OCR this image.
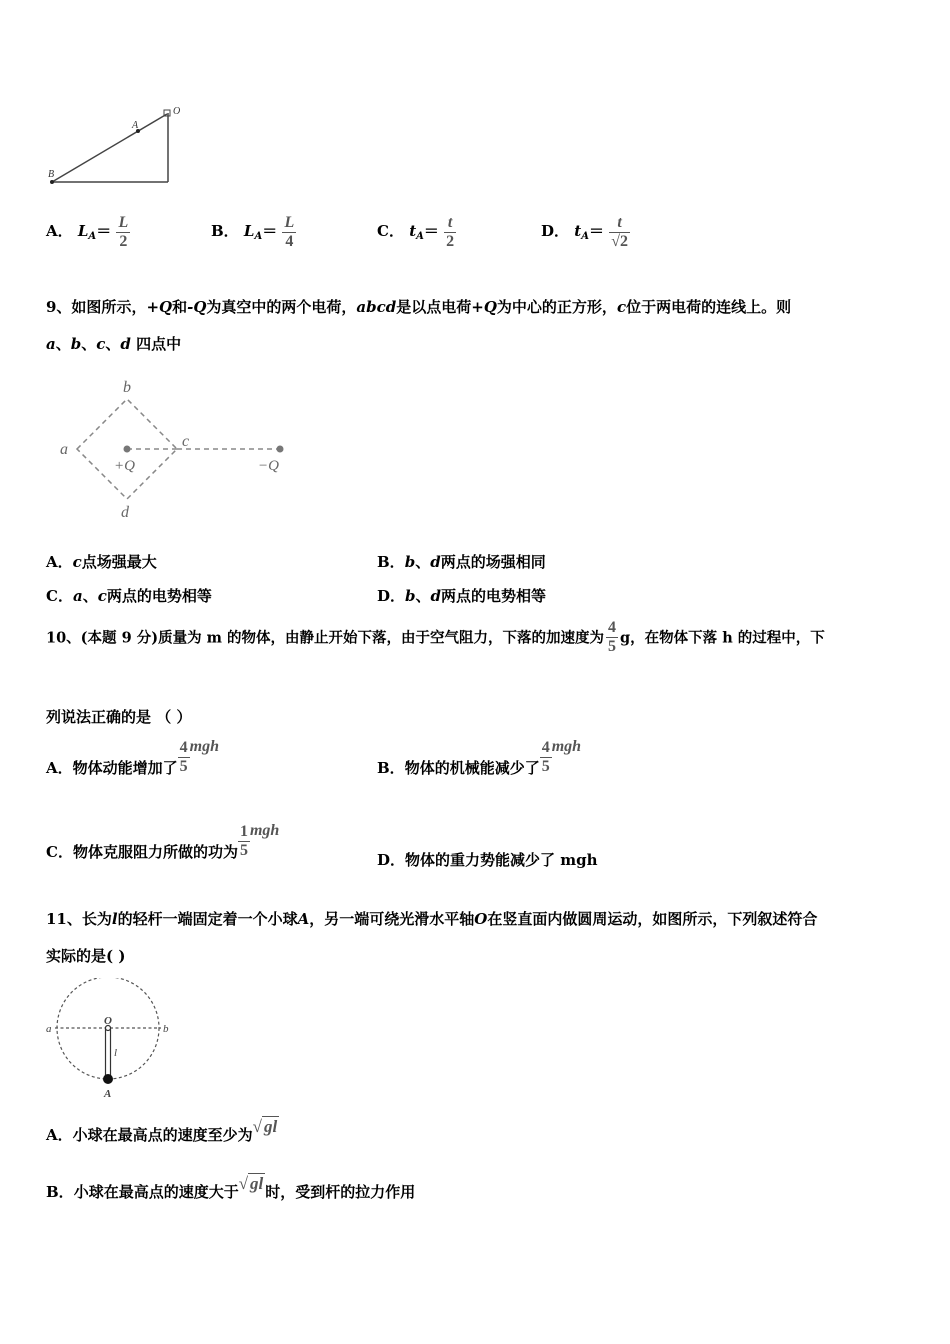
O
A
B
A． $L_A= \frac{L}{2}$	B． $L_A= \frac{L}{4}$	C． $t_A= \frac{t}{2}$	D． $t_A= \frac{t}{√2}$
9、如图所示，+Q和-Q为真空中的两个电荷，abcd是以点电荷+Q为中心的正方形，c位于两电荷的连线上。则
a、b、c、d 四点中
a
b
c
d
+Q	−Q
A．c点场强最大	B．b、d两点的场强相同
C．a、c两点的电势相等	D．b、d两点的电势相等
10、(本题 9 分)质量为 m 的物体，由静止开始下落，由于空气阻力，下落的加速度为 $\frac{4}{5}$ g，在物体下落 h 的过程中，下
列说法正确的是 （ ）
A．物体动能增加了 $\frac{4}{5}$ mgh
B．物体的机械能减少了 $\frac{4}{5}$ mgh
C．物体克服阻力所做的功为 $\frac{1}{5}$ mgh
D．物体的重力势能减少了 mgh
11、长为l的轻杆一端固定着一个小球A，另一端可绕光滑水平轴O在竖直面内做圆周运动，如图所示，下列叙述符合
实际的是( )
a	b
O
l
A
A．小球在最高点的速度至少为√ gl
B．小球在最高点的速度大于√ gl 时，受到杆的拉力作用
